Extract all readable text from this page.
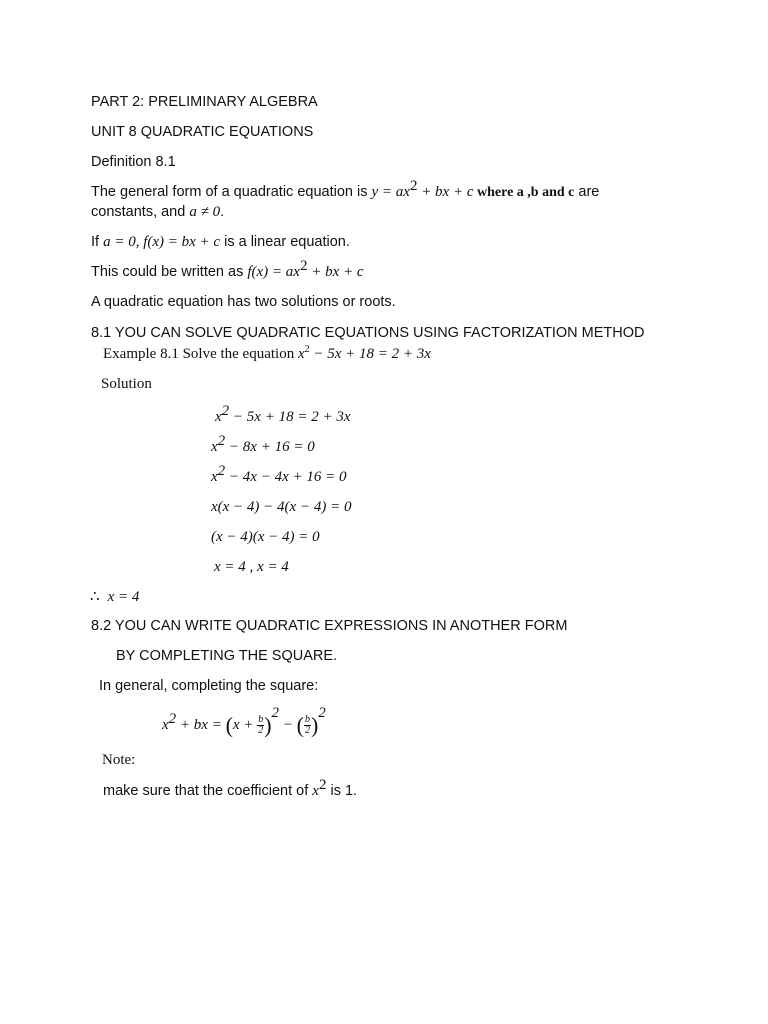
PART 2: PRELIMINARY ALGEBRA
UNIT 8 QUADRATIC EQUATIONS
Definition 8.1
The general form of a quadratic equation is $y = ax^2$ + bx + c where a ,b and c are
constants, and a ≠ 0.
If a = 0, f(x) = bx + c is a linear equation.
This could be written as $f(x) = ax^2$ + bx + c
A quadratic equation has two solutions or roots.
8.1 YOU CAN SOLVE QUADRATIC EQUATIONS USING FACTORIZATION METHOD
Example 8.1 Solve the equation $x^2 - 5x + 18 = 2 + 3x$
Solution
$x^2 - 5x + 18 = 2 + 3x$
$x^2 - 8x + 16 = 0$
$x^2 - 4x - 4x + 16 = 0$
x(x − 4) − 4(x − 4) = 0
(x − 4)(x − 4) = 0
x = 4 , x = 4
∴ x = 4
8.2 YOU CAN WRITE QUADRATIC EXPRESSIONS IN ANOTHER FORM
BY COMPLETING THE SQUARE.
In general, completing the square:
$x^2$ + bx = $(x + \frac{b}{2} )^2$ − ( $\frac{b}{2} )^2$
Note:
make sure that the coefficient of $x^2$ is 1.
